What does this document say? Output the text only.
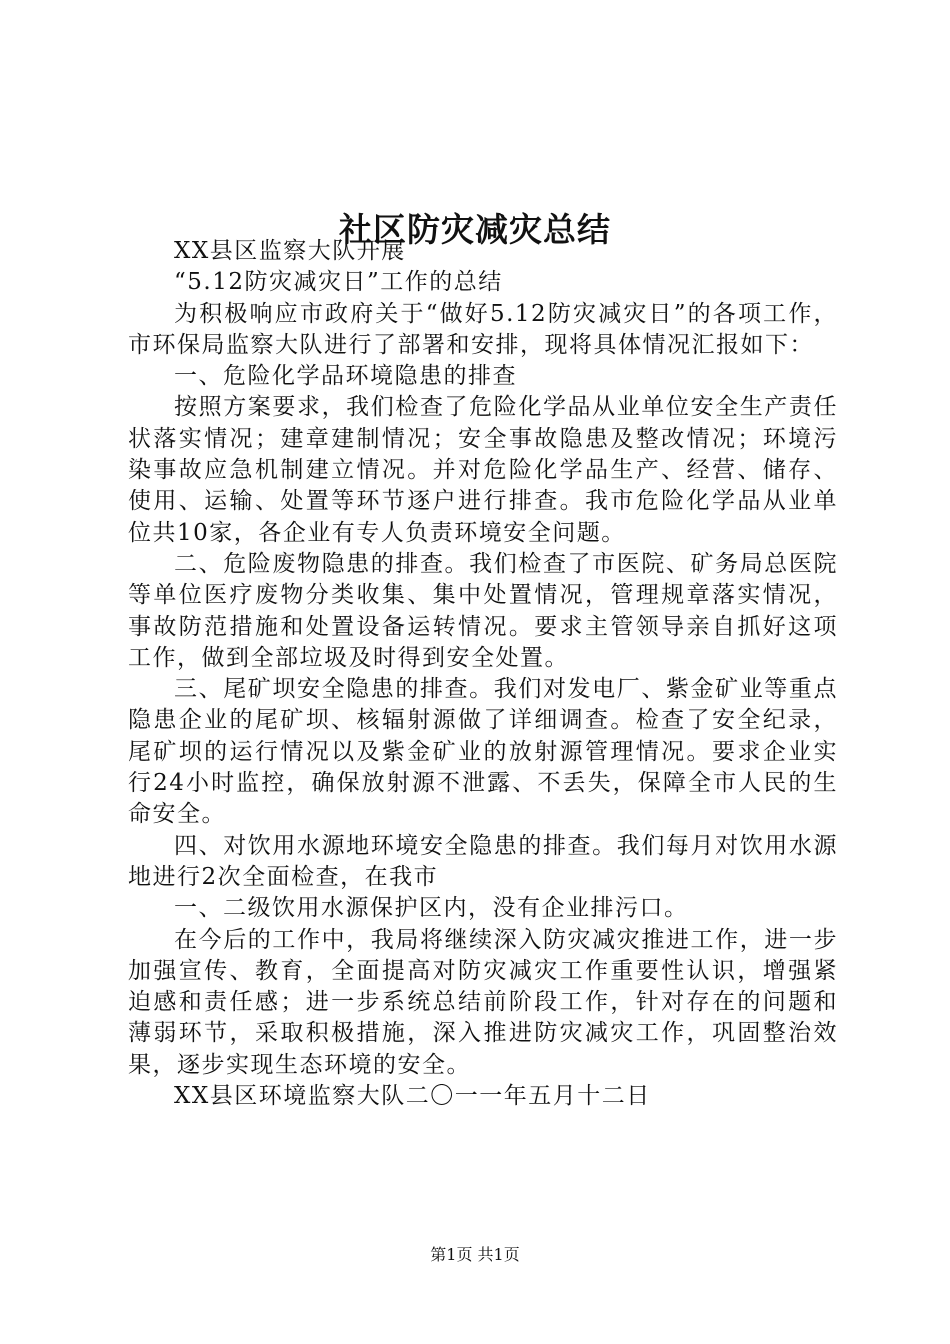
社区防灾减灾总结

XX县区监察大队开展

“5.12防灾减灾日”工作的总结

为积极响应市政府关于“做好5.12防灾减灾日”的各项工作，市环保局监察大队进行了部署和安排，现将具体情况汇报如下：

一、危险化学品环境隐患的排查

按照方案要求，我们检查了危险化学品从业单位安全生产责任状落实情况；建章建制情况；安全事故隐患及整改情况；环境污染事故应急机制建立情况。并对危险化学品生产、经营、储存、使用、运输、处置等环节逐户进行排查。我市危险化学品从业单位共10家，各企业有专人负责环境安全问题。

二、危险废物隐患的排查。我们检查了市医院、矿务局总医院等单位医疗废物分类收集、集中处置情况，管理规章落实情况，事故防范措施和处置设备运转情况。要求主管领导亲自抓好这项工作，做到全部垃圾及时得到安全处置。

三、尾矿坝安全隐患的排查。我们对发电厂、紫金矿业等重点隐患企业的尾矿坝、核辐射源做了详细调查。检查了安全纪录，尾矿坝的运行情况以及紫金矿业的放射源管理情况。要求企业实行24小时监控，确保放射源不泄露、不丢失，保障全市人民的生命安全。

四、对饮用水源地环境安全隐患的排查。我们每月对饮用水源地进行2次全面检查，在我市

一、二级饮用水源保护区内，没有企业排污口。

在今后的工作中，我局将继续深入防灾减灾推进工作，进一步加强宣传、教育，全面提高对防灾减灾工作重要性认识，增强紧迫感和责任感；进一步系统总结前阶段工作，针对存在的问题和薄弱环节，采取积极措施，深入推进防灾减灾工作，巩固整治效果，逐步实现生态环境的安全。

XX县区环境监察大队二〇一一年五月十二日

第1页 共1页
